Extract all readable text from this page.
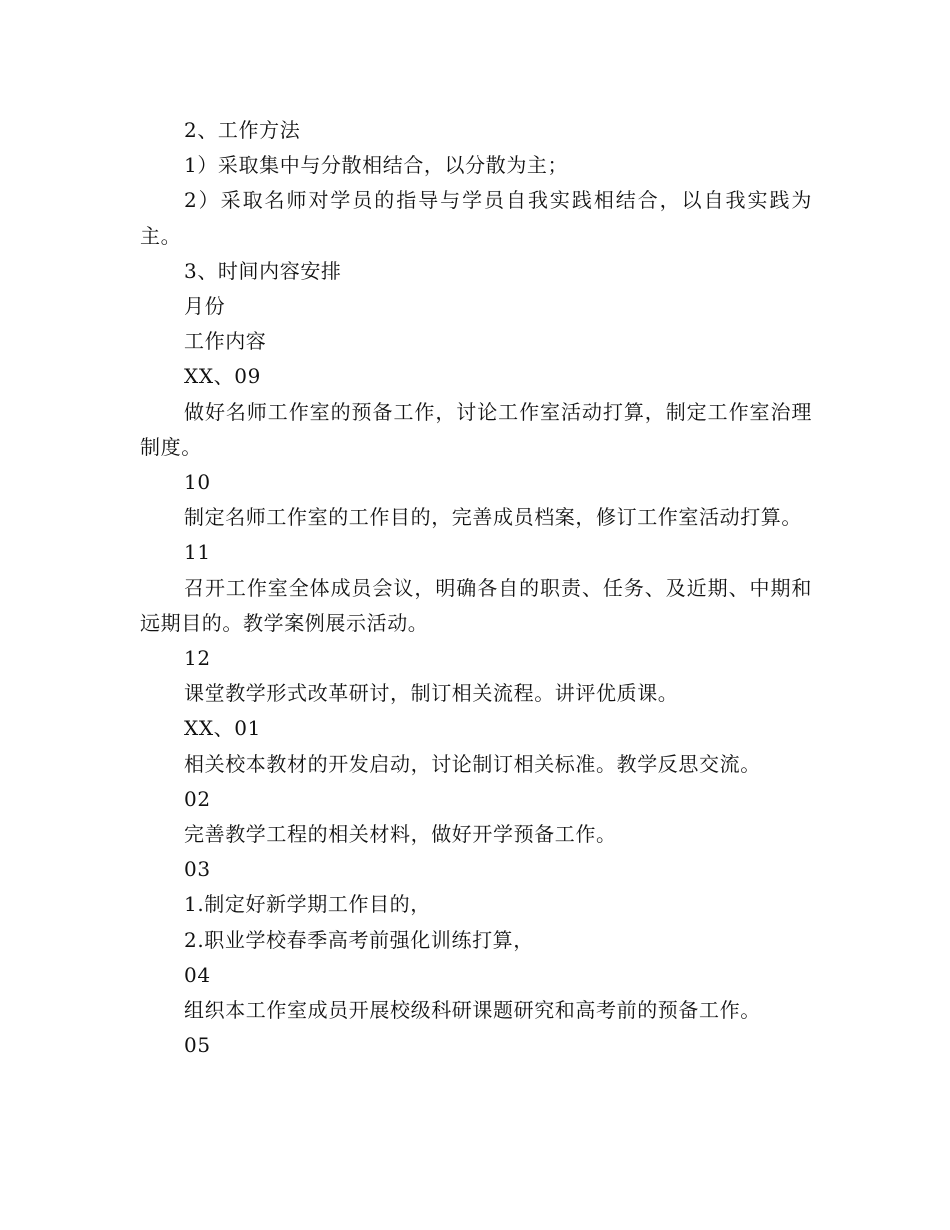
2、工作方法

1）采取集中与分散相结合，以分散为主；

2）采取名师对学员的指导与学员自我实践相结合，以自我实践为主。

3、时间内容安排

月份

工作内容

XX、09

做好名师工作室的预备工作，讨论工作室活动打算，制定工作室治理制度。

10

制定名师工作室的工作目的，完善成员档案，修订工作室活动打算。

11

召开工作室全体成员会议，明确各自的职责、任务、及近期、中期和远期目的。教学案例展示活动。

12

课堂教学形式改革研讨，制订相关流程。讲评优质课。

XX、01

相关校本教材的开发启动，讨论制订相关标准。教学反思交流。

02

完善教学工程的相关材料，做好开学预备工作。

03

1.制定好新学期工作目的，

2.职业学校春季高考前强化训练打算，

04

组织本工作室成员开展校级科研课题研究和高考前的预备工作。

05
